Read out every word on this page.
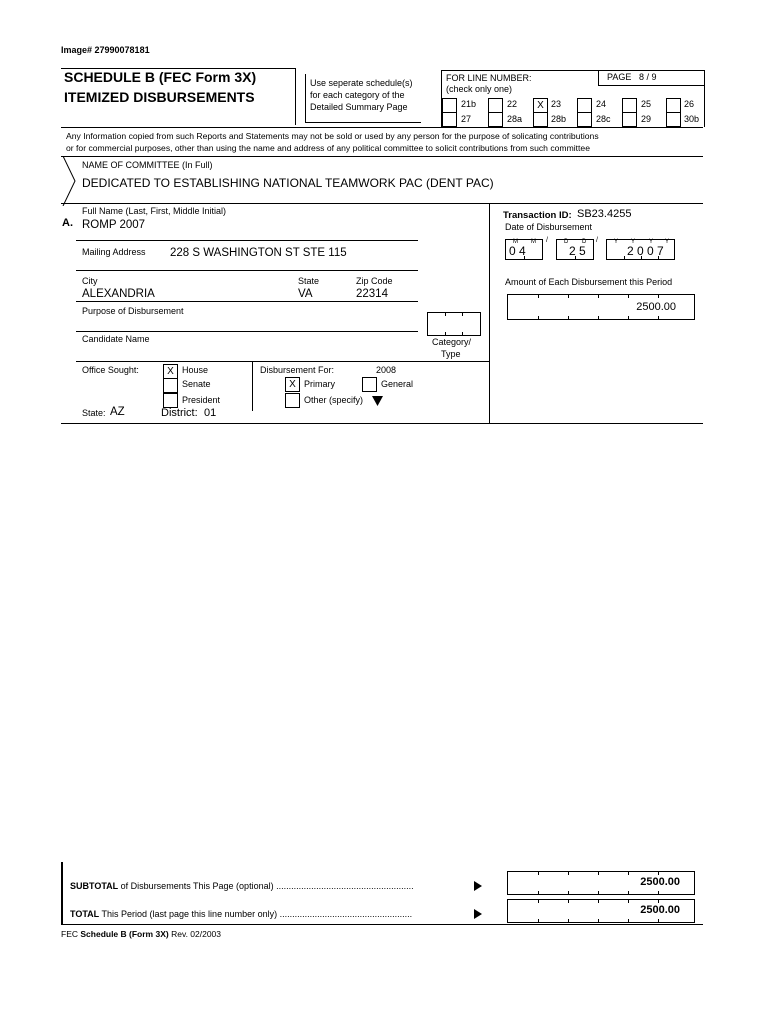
Image# 27990078181
SCHEDULE B (FEC Form 3X)
ITEMIZED DISBURSEMENTS
Use seperate schedule(s)
for each category of the
Detailed Summary Page
FOR LINE NUMBER:
(check only one)
PAGE 8 / 9
21b	22	X 23	24	25	26
27	28a	28b	28c	29	30b
Any Information copied from such Reports and Statements may not be sold or used by any person for the purpose of solicating contributions
or for commercial purposes, other than using the name and address of any political committee to solicit contributions from such committee
NAME OF COMMITTEE (In Full)
DEDICATED TO ESTABLISHING NATIONAL TEAMWORK PAC (DENT PAC)
A.
Full Name (Last, First, Middle Initial)
ROMP 2007
Mailing Address 228 S WASHINGTON ST STE 115
City
ALEXANDRIA
State
VA
Zip Code
22314
Purpose of Disbursement
Category/
Type
Candidate Name
Office Sought:	X House
Senate
President
State: AZ	District: 01
Disbursement For:	2008
X Primary	General
Other (specify)
Transaction ID: SB23.4255
Date of Disbursement
M M
0 4
/	D D
2 5
/	Y Y Y Y
2 0 0 7
Amount of Each Disbursement this Period
2500.00
SUBTOTAL of Disbursements This Page (optional) .......................................................	2500.00
TOTAL This Period (last page this line number only) .....................................................	2500.00
FEC Schedule B (Form 3X) Rev. 02/2003
